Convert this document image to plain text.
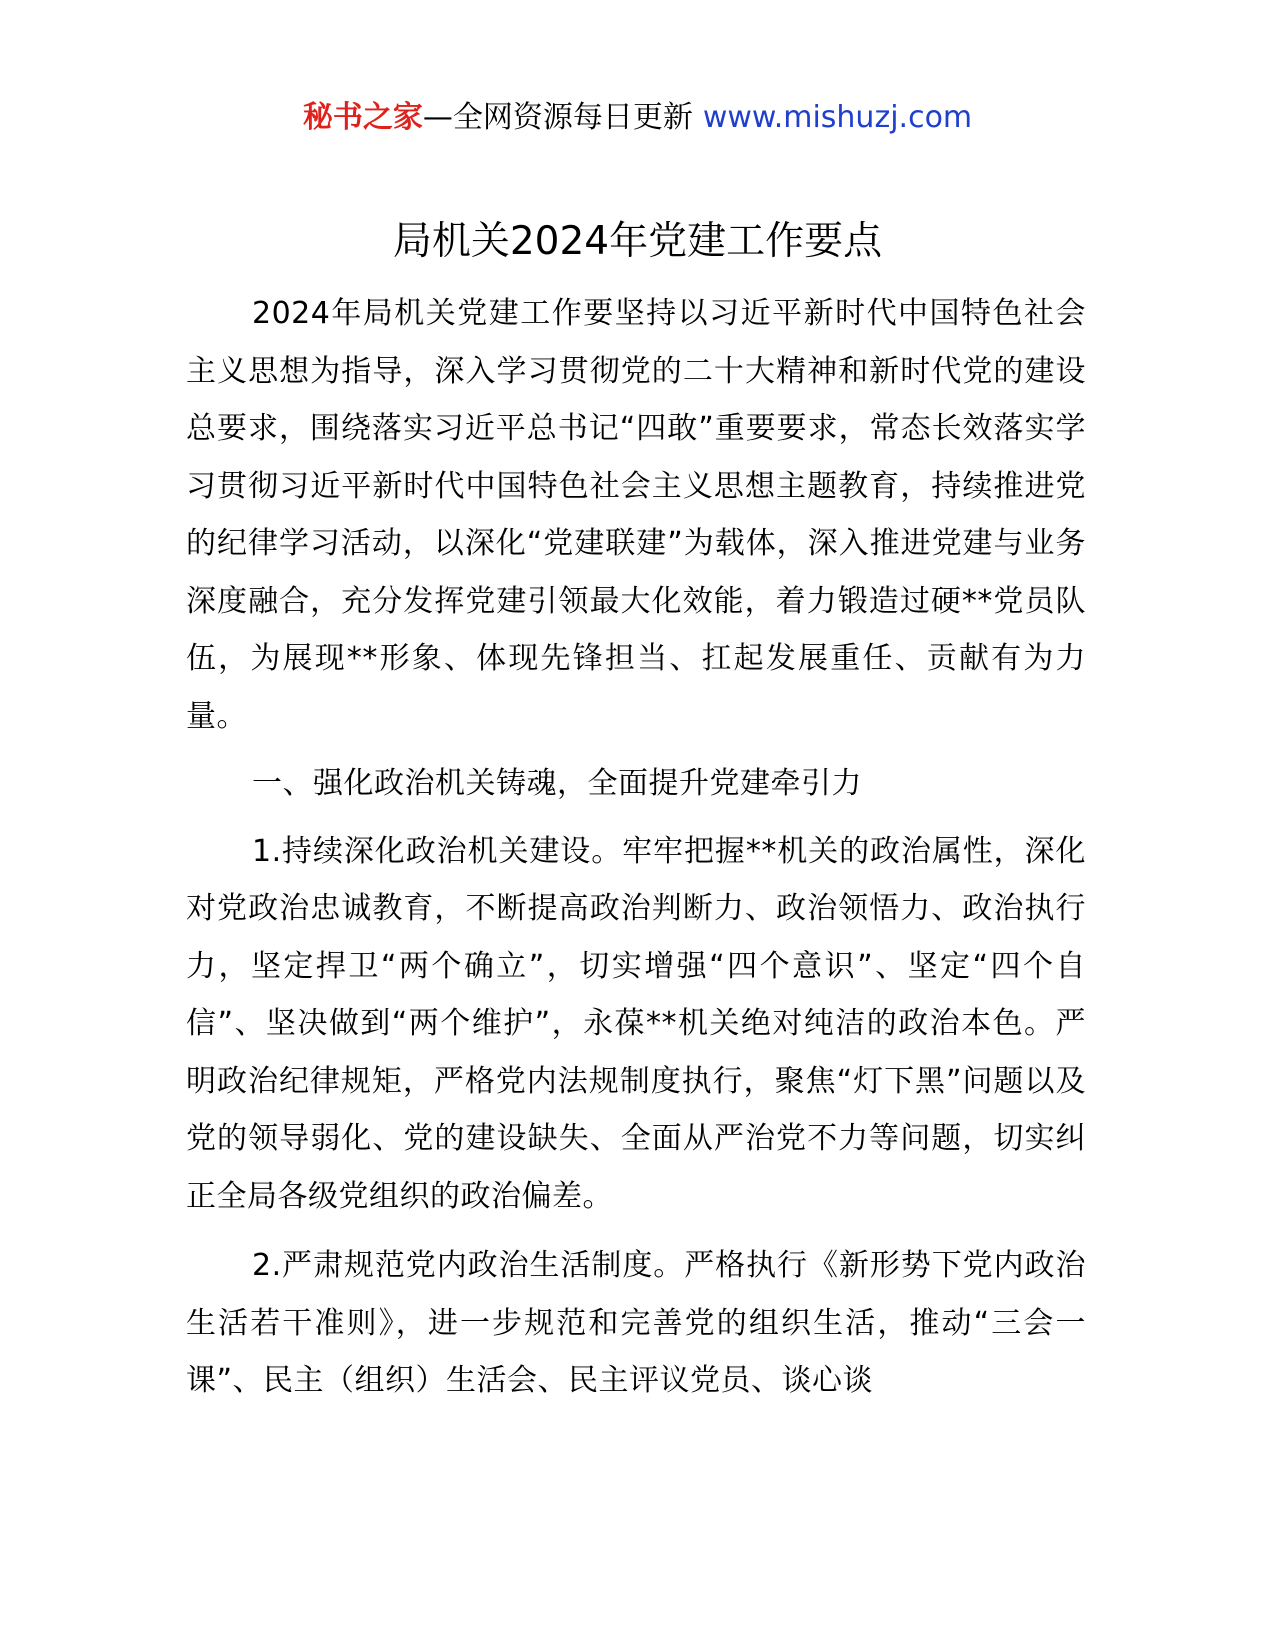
秘书之家—全网资源每日更新 www.mishuzj.com
局机关2024年党建工作要点

2024年局机关党建工作要坚持以习近平新时代中国特色社会主义思想为指导，深入学习贯彻党的二十大精神和新时代党的建设总要求，围绕落实习近平总书记“四敢”重要要求，常态长效落实学习贯彻习近平新时代中国特色社会主义思想主题教育，持续推进党的纪律学习活动，以深化“党建联建”为载体，深入推进党建与业务深度融合，充分发挥党建引领最大化效能，着力锻造过硬**党员队伍，为展现**形象、体现先锋担当、扛起发展重任、贡献有为力量。

一、强化政治机关铸魂，全面提升党建牵引力

1.持续深化政治机关建设。牢牢把握**机关的政治属性，深化对党政治忠诚教育，不断提高政治判断力、政治领悟力、政治执行力，坚定捍卫“两个确立”，切实增强“四个意识”、坚定“四个自信”、坚决做到“两个维护”，永葆**机关绝对纯洁的政治本色。严明政治纪律规矩，严格党内法规制度执行，聚焦“灯下黑”问题以及党的领导弱化、党的建设缺失、全面从严治党不力等问题，切实纠正全局各级党组织的政治偏差。

2.严肃规范党内政治生活制度。严格执行《新形势下党内政治生活若干准则》，进一步规范和完善党的组织生活，推动“三会一课”、民主（组织）生活会、民主评议党员、谈心谈
